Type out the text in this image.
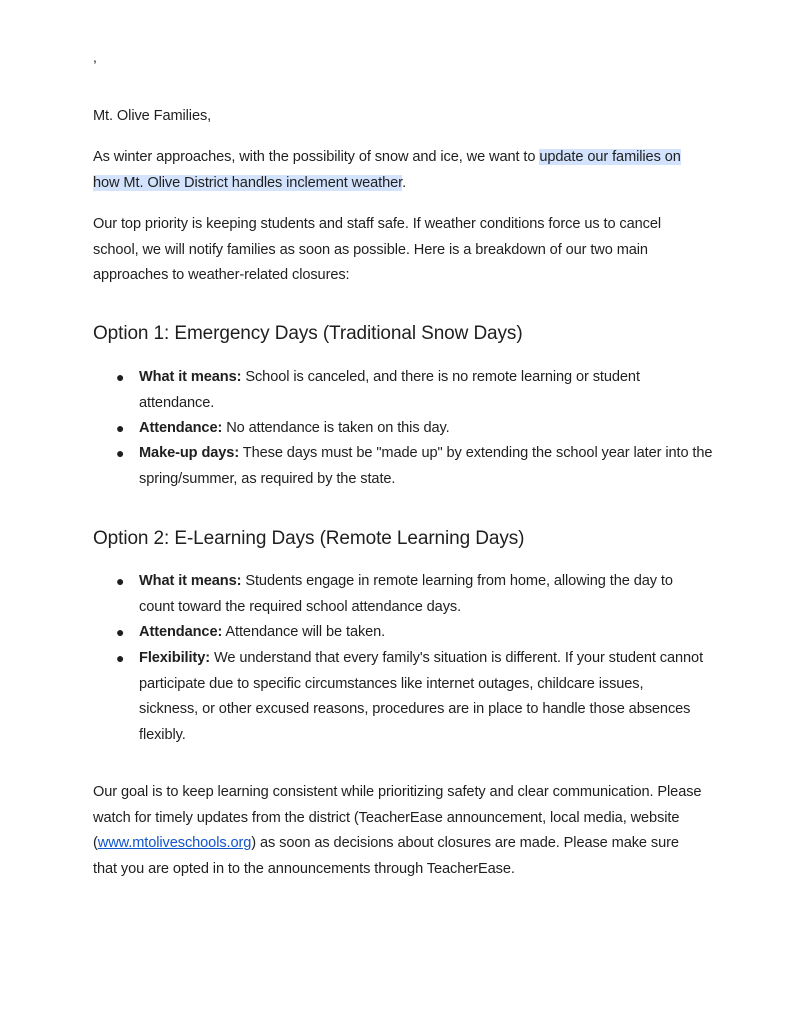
,
Mt. Olive Families,
As winter approaches, with the possibility of snow and ice, we want to update our families on
how Mt. Olive District handles inclement weather.
Our top priority is keeping students and staff safe. If weather conditions force us to cancel
school, we will notify families as soon as possible. Here is a breakdown of our two main
approaches to weather-related closures:
Option 1: Emergency Days (Traditional Snow Days)
● What it means: School is canceled, and there is no remote learning or student
attendance.
● Attendance: No attendance is taken on this day.
● Make-up days: These days must be "made up" by extending the school year later into the
spring/summer, as required by the state.
Option 2: E-Learning Days (Remote Learning Days)
● What it means: Students engage in remote learning from home, allowing the day to
count toward the required school attendance days.
● Attendance: Attendance will be taken.
● Flexibility: We understand that every family's situation is different. If your student cannot
participate due to specific circumstances like internet outages, childcare issues,
sickness, or other excused reasons, procedures are in place to handle those absences
flexibly.
Our goal is to keep learning consistent while prioritizing safety and clear communication. Please
watch for timely updates from the district (TeacherEase announcement, local media, website
(www.mtoliveschools.org) as soon as decisions about closures are made. Please make sure
that you are opted in to the announcements through TeacherEase.
